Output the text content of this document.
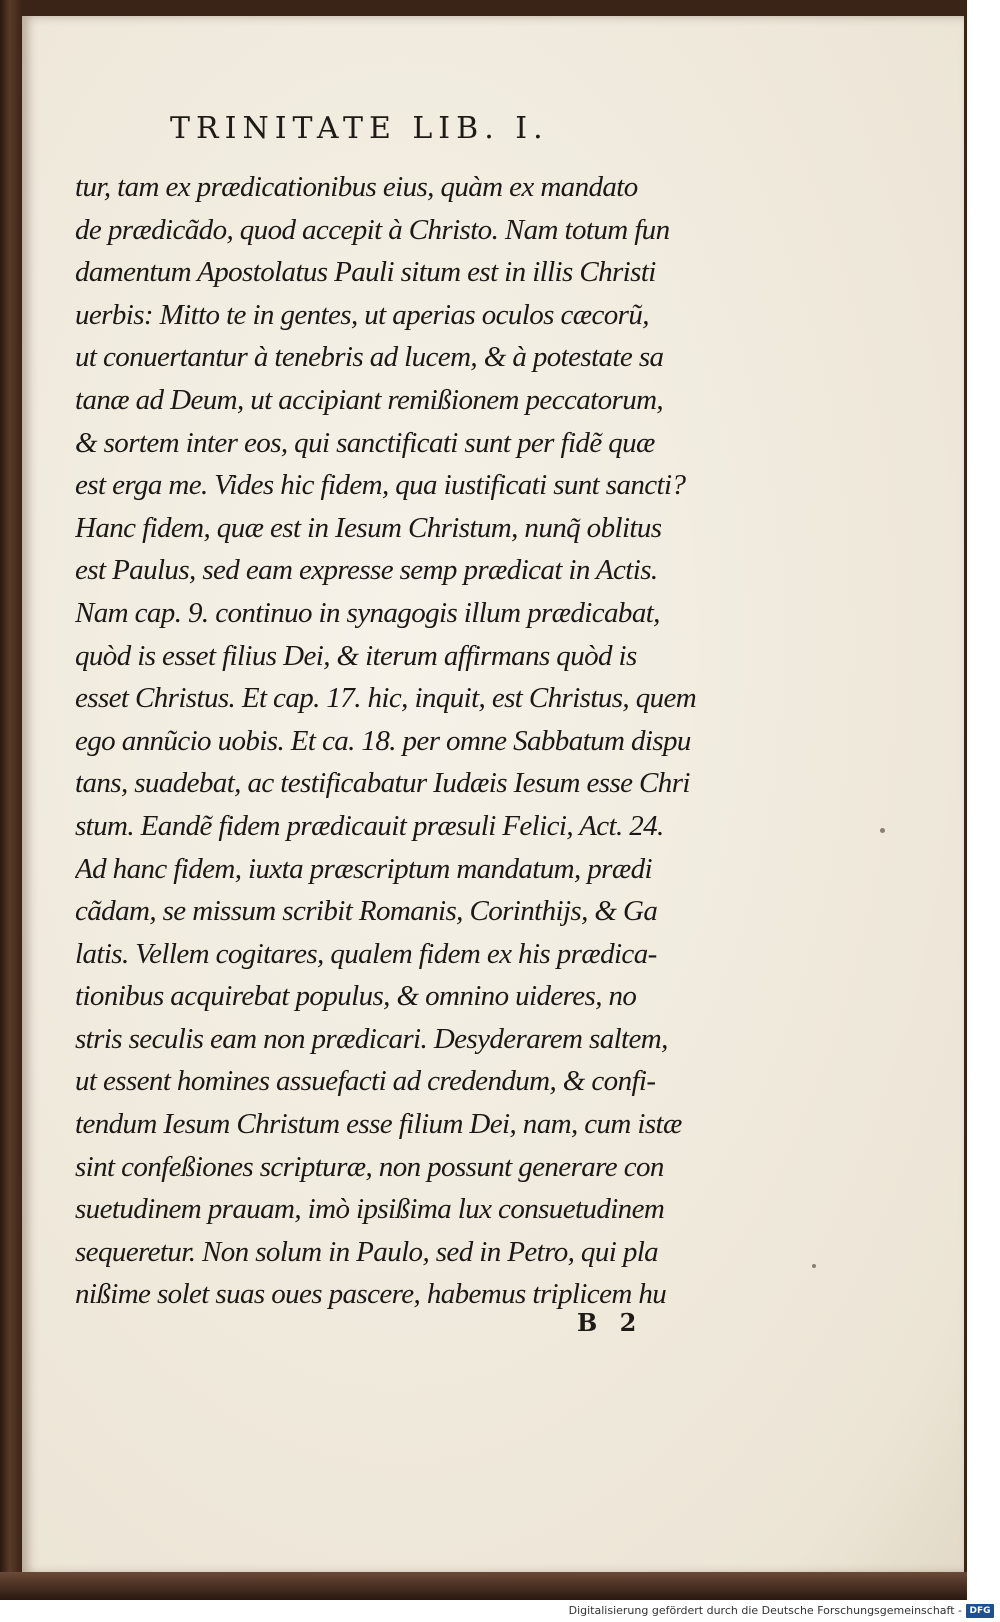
TRINITATE LIB. I.
tur, tam ex prædicationibus eius, quàm ex mandato
de prædicãdo, quod accepit à Christo. Nam totum fun
damentum Apostolatus Pauli situm est in illis Christi
uerbis: Mitto te in gentes, ut aperias oculos cæcorũ,
ut conuertantur à tenebris ad lucem, & à potestate sa
tanæ ad Deum, ut accipiant remißionem peccatorum,
& sortem inter eos, qui sanctificati sunt per fidẽ quæ
est erga me. Vides hic fidem, qua iustificati sunt sancti?
Hanc fidem, quæ est in Iesum Christum, nunq̃ oblitus
est Paulus, sed eam expresse semp prædicat in Actis.
Nam cap. 9. continuo in synagogis illum prædicabat,
quòd is esset filius Dei, & iterum affirmans quòd is
esset Christus. Et cap. 17. hic, inquit, est Christus, quem
ego annũcio uobis. Et ca. 18. per omne Sabbatum dispu
tans, suadebat, ac testificabatur Iudæis Iesum esse Chri
stum. Eandẽ fidem prædicauit præsuli Felici, Act. 24.
Ad hanc fidem, iuxta præscriptum mandatum, prædi
cãdam, se missum scribit Romanis, Corinthijs, & Ga
latis. Vellem cogitares, qualem fidem ex his prædica-
tionibus acquirebat populus, & omnino uideres, no
stris seculis eam non prædicari. Desyderarem saltem,
ut essent homines assuefacti ad credendum, & confi-
tendum Iesum Christum esse filium Dei, nam, cum istæ
sint confeßiones scripturæ, non possunt generare con
suetudinem prauam, imò ipsißima lux consuetudinem
sequeretur. Non solum in Paulo, sed in Petro, qui pla
nißime solet suas oues pascere, habemus triplicem hu
B 2
Digitalisierung gefördert durch die Deutsche Forschungsgemeinschaft - DFG
